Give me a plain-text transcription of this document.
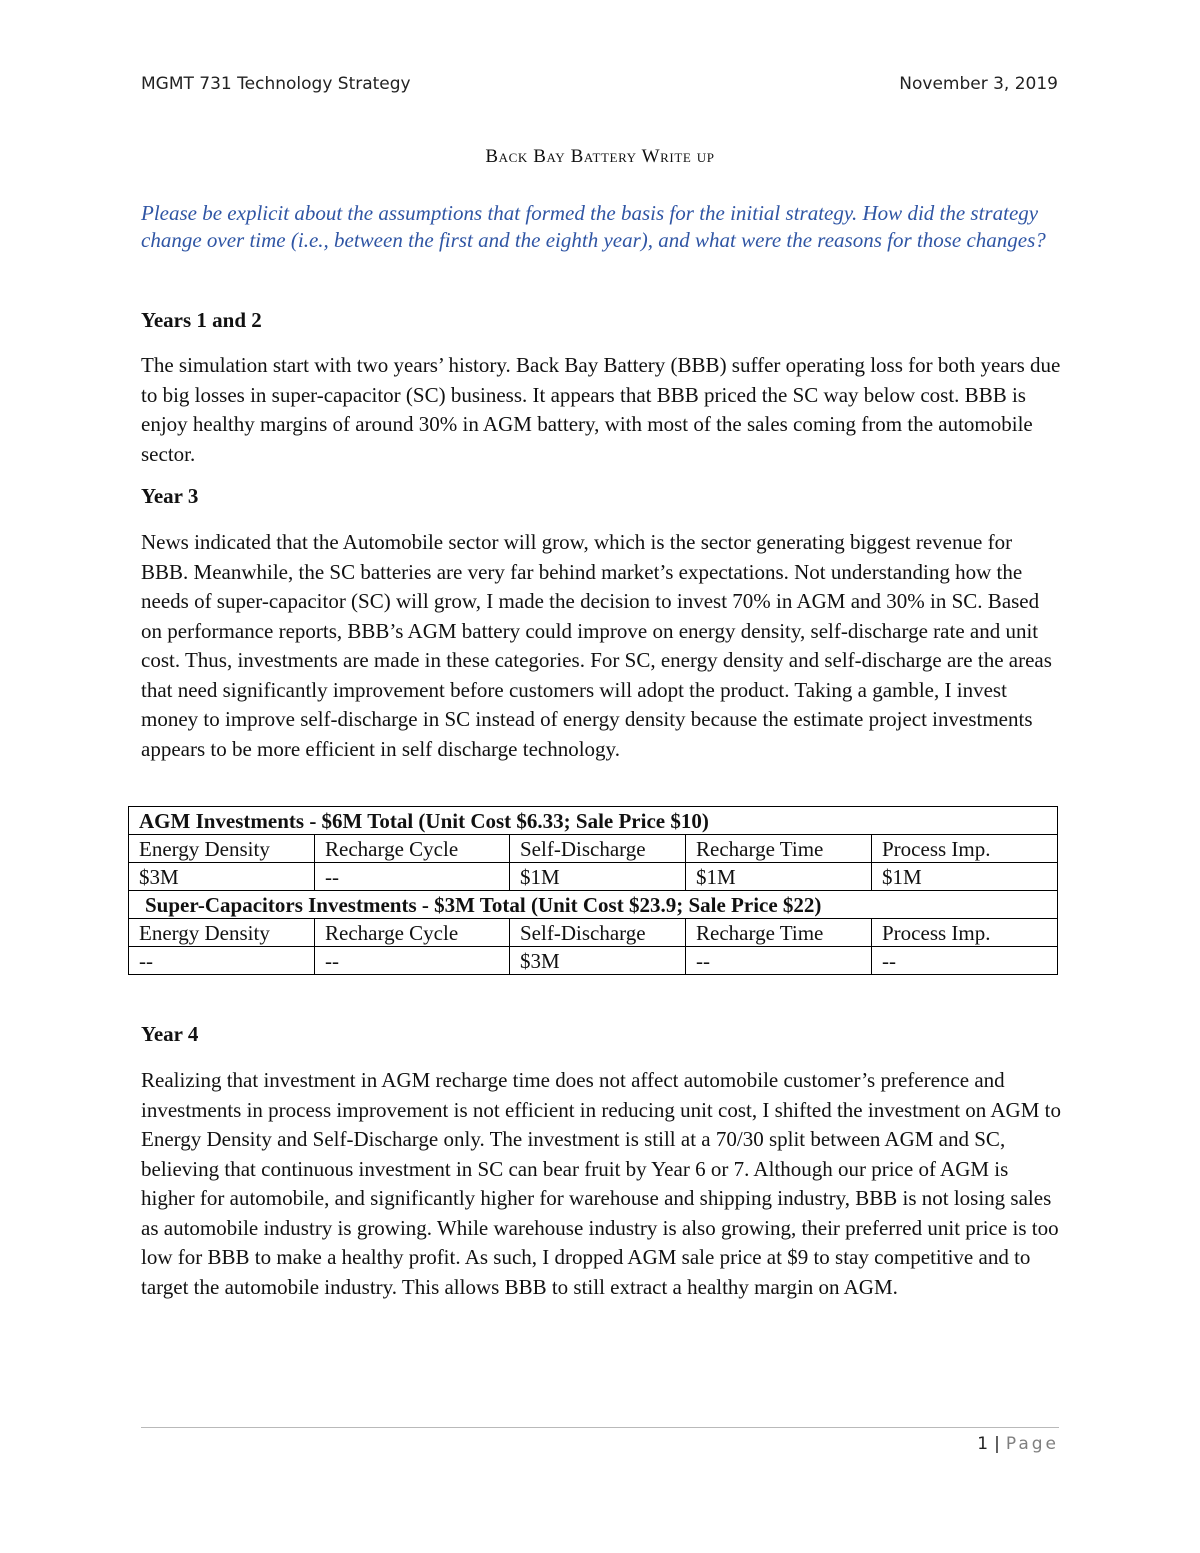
MGMT 731 Technology Strategy	November 3, 2019
Back Bay Battery Write up

Please be explicit about the assumptions that formed the basis for the initial strategy. How did the strategy change over time (i.e., between the first and the eighth year), and what were the reasons for those changes?

Years 1 and 2

The simulation start with two years’ history. Back Bay Battery (BBB) suffer operating loss for both years due to big losses in super-capacitor (SC) business. It appears that BBB priced the SC way below cost. BBB is enjoy healthy margins of around 30% in AGM battery, with most of the sales coming from the automobile sector.

Year 3

News indicated that the Automobile sector will grow, which is the sector generating biggest revenue for BBB. Meanwhile, the SC batteries are very far behind market’s expectations. Not understanding how the needs of super-capacitor (SC) will grow, I made the decision to invest 70% in AGM and 30% in SC. Based on performance reports, BBB’s AGM battery could improve on energy density, self-discharge rate and unit cost. Thus, investments are made in these categories. For SC, energy density and self-discharge are the areas that need significantly improvement before customers will adopt the product. Taking a gamble, I invest money to improve self-discharge in SC instead of energy density because the estimate project investments appears to be more efficient in self discharge technology.

AGM Investments - $6M Total (Unit Cost $6.33; Sale Price $10)				
Energy Density	Recharge Cycle	Self-Discharge	Recharge Time	Process Imp.
$3M	--	$1M	$1M	$1M
Super-Capacitors Investments - $3M Total (Unit Cost $23.9; Sale Price $22)				
Energy Density	Recharge Cycle	Self-Discharge	Recharge Time	Process Imp.
--	--	$3M	--	--

Year 4

Realizing that investment in AGM recharge time does not affect automobile customer’s preference and investments in process improvement is not efficient in reducing unit cost, I shifted the investment on AGM to Energy Density and Self-Discharge only. The investment is still at a 70/30 split between AGM and SC, believing that continuous investment in SC can bear fruit by Year 6 or 7. Although our price of AGM is higher for automobile, and significantly higher for warehouse and shipping industry, BBB is not losing sales as automobile industry is growing. While warehouse industry is also growing, their preferred unit price is too low for BBB to make a healthy profit. As such, I dropped AGM sale price at $9 to stay competitive and to target the automobile industry. This allows BBB to still extract a healthy margin on AGM.

1 | Page
